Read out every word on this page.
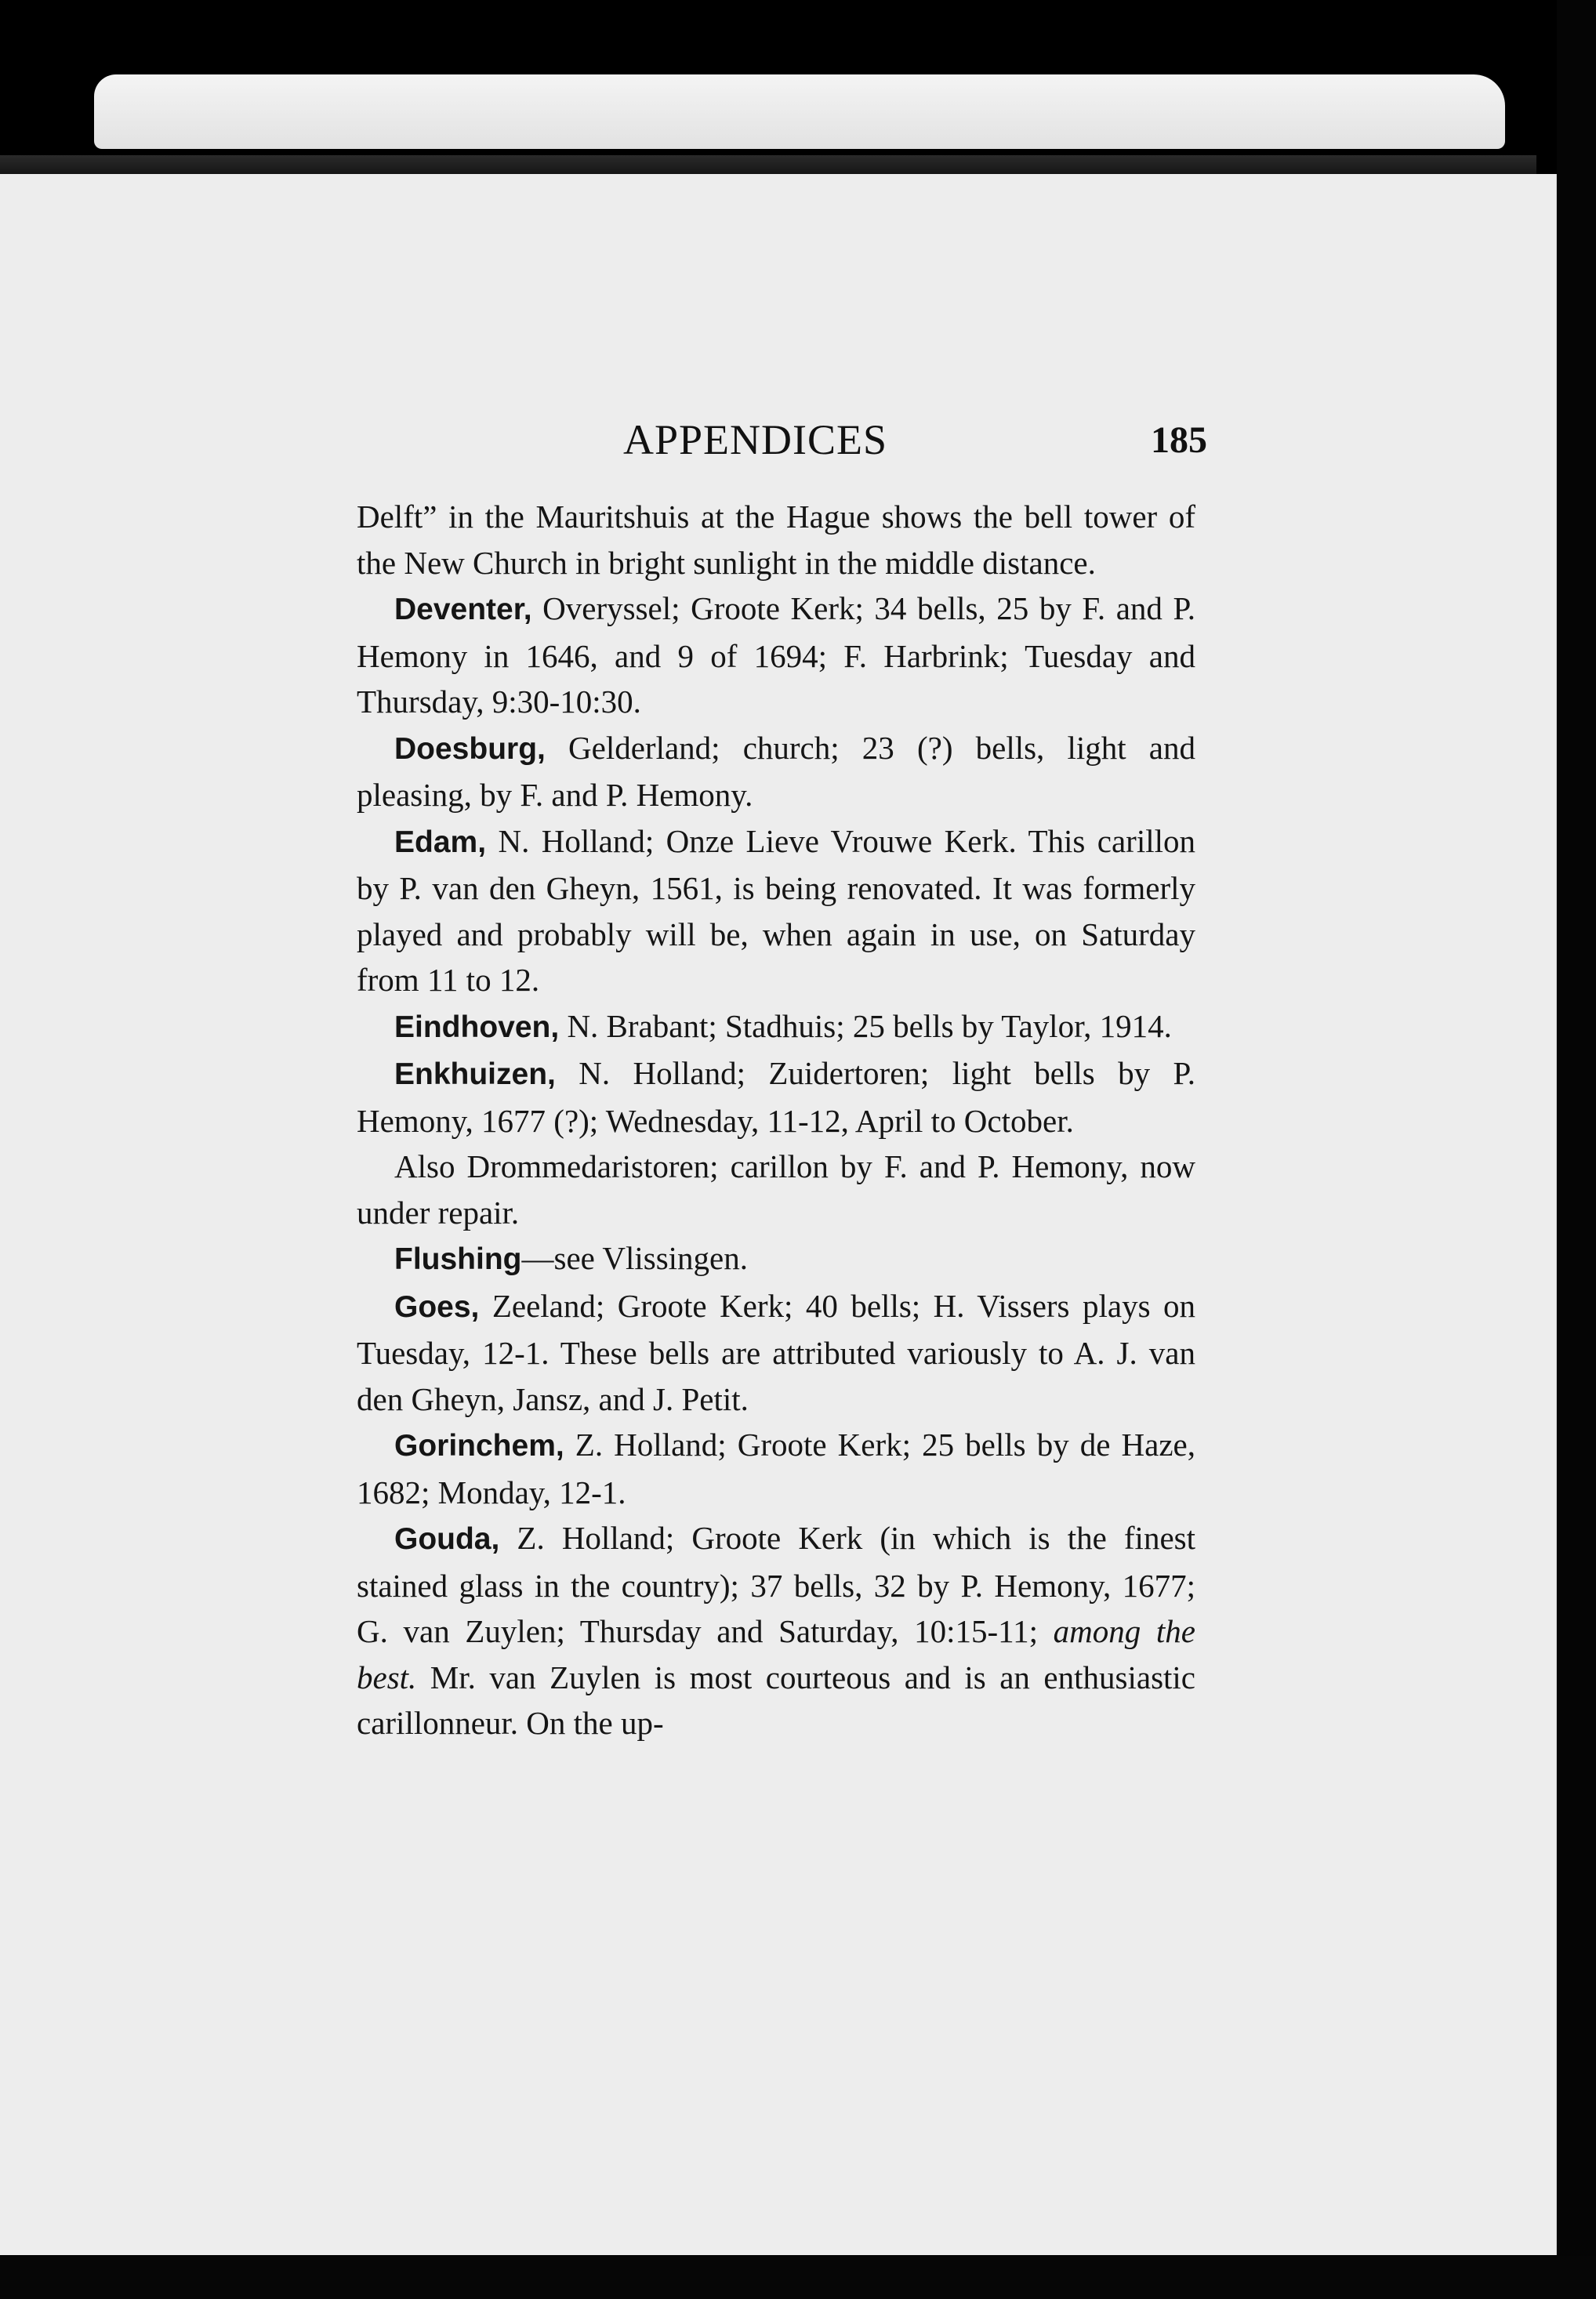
APPENDICES	185

Delft” in the Mauritshuis at the Hague shows the bell tower of the New Church in bright sunlight in the middle distance.

Deventer, Overyssel; Groote Kerk; 34 bells, 25 by F. and P. Hemony in 1646, and 9 of 1694; F. Harbrink; Tuesday and Thursday, 9:30-10:30.

Doesburg, Gelderland; church; 23 (?) bells, light and pleasing, by F. and P. Hemony.

Edam, N. Holland; Onze Lieve Vrouwe Kerk. This carillon by P. van den Gheyn, 1561, is being renovated. It was formerly played and probably will be, when again in use, on Saturday from 11 to 12.

Eindhoven, N. Brabant; Stadhuis; 25 bells by Taylor, 1914.

Enkhuizen, N. Holland; Zuidertoren; light bells by P. Hemony, 1677 (?); Wednesday, 11-12, April to October.

Also Drommedaristoren; carillon by F. and P. Hemony, now under repair.

Flushing—see Vlissingen.

Goes, Zeeland; Groote Kerk; 40 bells; H. Vissers plays on Tuesday, 12-1. These bells are attributed variously to A. J. van den Gheyn, Jansz, and J. Petit.

Gorinchem, Z. Holland; Groote Kerk; 25 bells by de Haze, 1682; Monday, 12-1.

Gouda, Z. Holland; Groote Kerk (in which is the finest stained glass in the country); 37 bells, 32 by P. Hemony, 1677; G. van Zuylen; Thursday and Saturday, 10:15-11; among the best. Mr. van Zuylen is most courteous and is an enthusiastic carillonneur. On the up-
